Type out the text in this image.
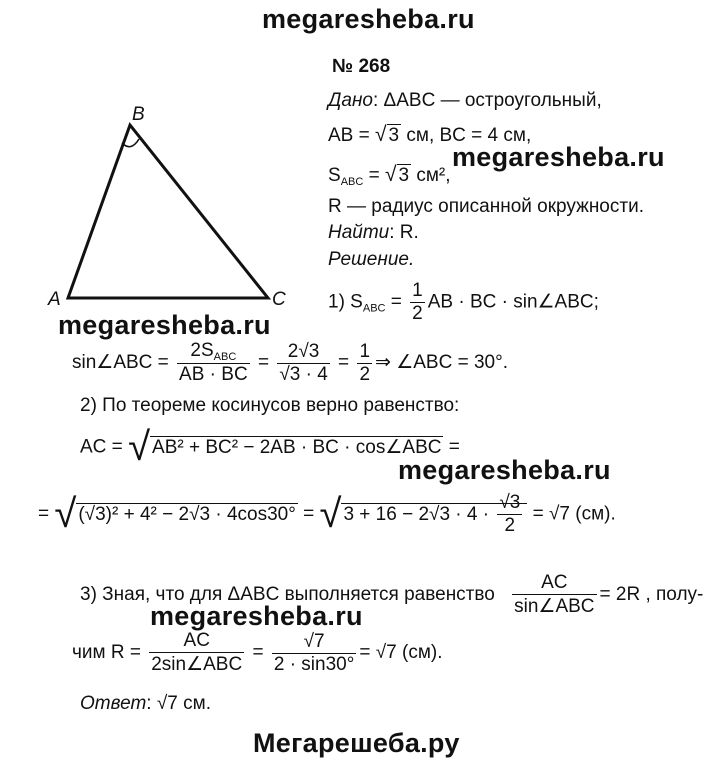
megaresheba.ru
megaresheba.ru
megaresheba.ru
megaresheba.ru
megaresheba.ru
Мегарешеба.ру
B
A	C
№ 268
Дано: ΔABC — остроугольный,
AB = √ 3 см, BC = 4 см,
$S_{ABC}$ = √ 3 см²,
R — радиус описанной окружности.
Найти: R.
Решение.
1) $S_{ABC} = \frac{1}{2}$ AB · BC · sin∠ABC;
sin∠ABC = $\frac{2S_{ABC}}{AB \cdot BC} = \frac{2√3}{√3 \cdot 4} = \frac{1}{2}$ ⇒ ∠ABC = 30°.
2) По теореме косинусов верно равенство:
AC = √ AB² + BC² − 2AB · BC · cos∠ABC =
= √ (√3)² + 4² − 2√3 · 4cos30° = √ $3 + 16 - 2√3 \cdot 4 \cdot \frac{√3}{2} = √7$ (см).
3) Зная, что для ΔABC выполняется равенство $\frac{AC}{\text{sin∠ABC}} = 2R$ , полу-
чим $R = \frac{AC}{\text{2sin∠ABC}} = \frac{√7}{2 \cdot \sin 30^\circ} = √7$ (см).
Ответ: √7 см.
